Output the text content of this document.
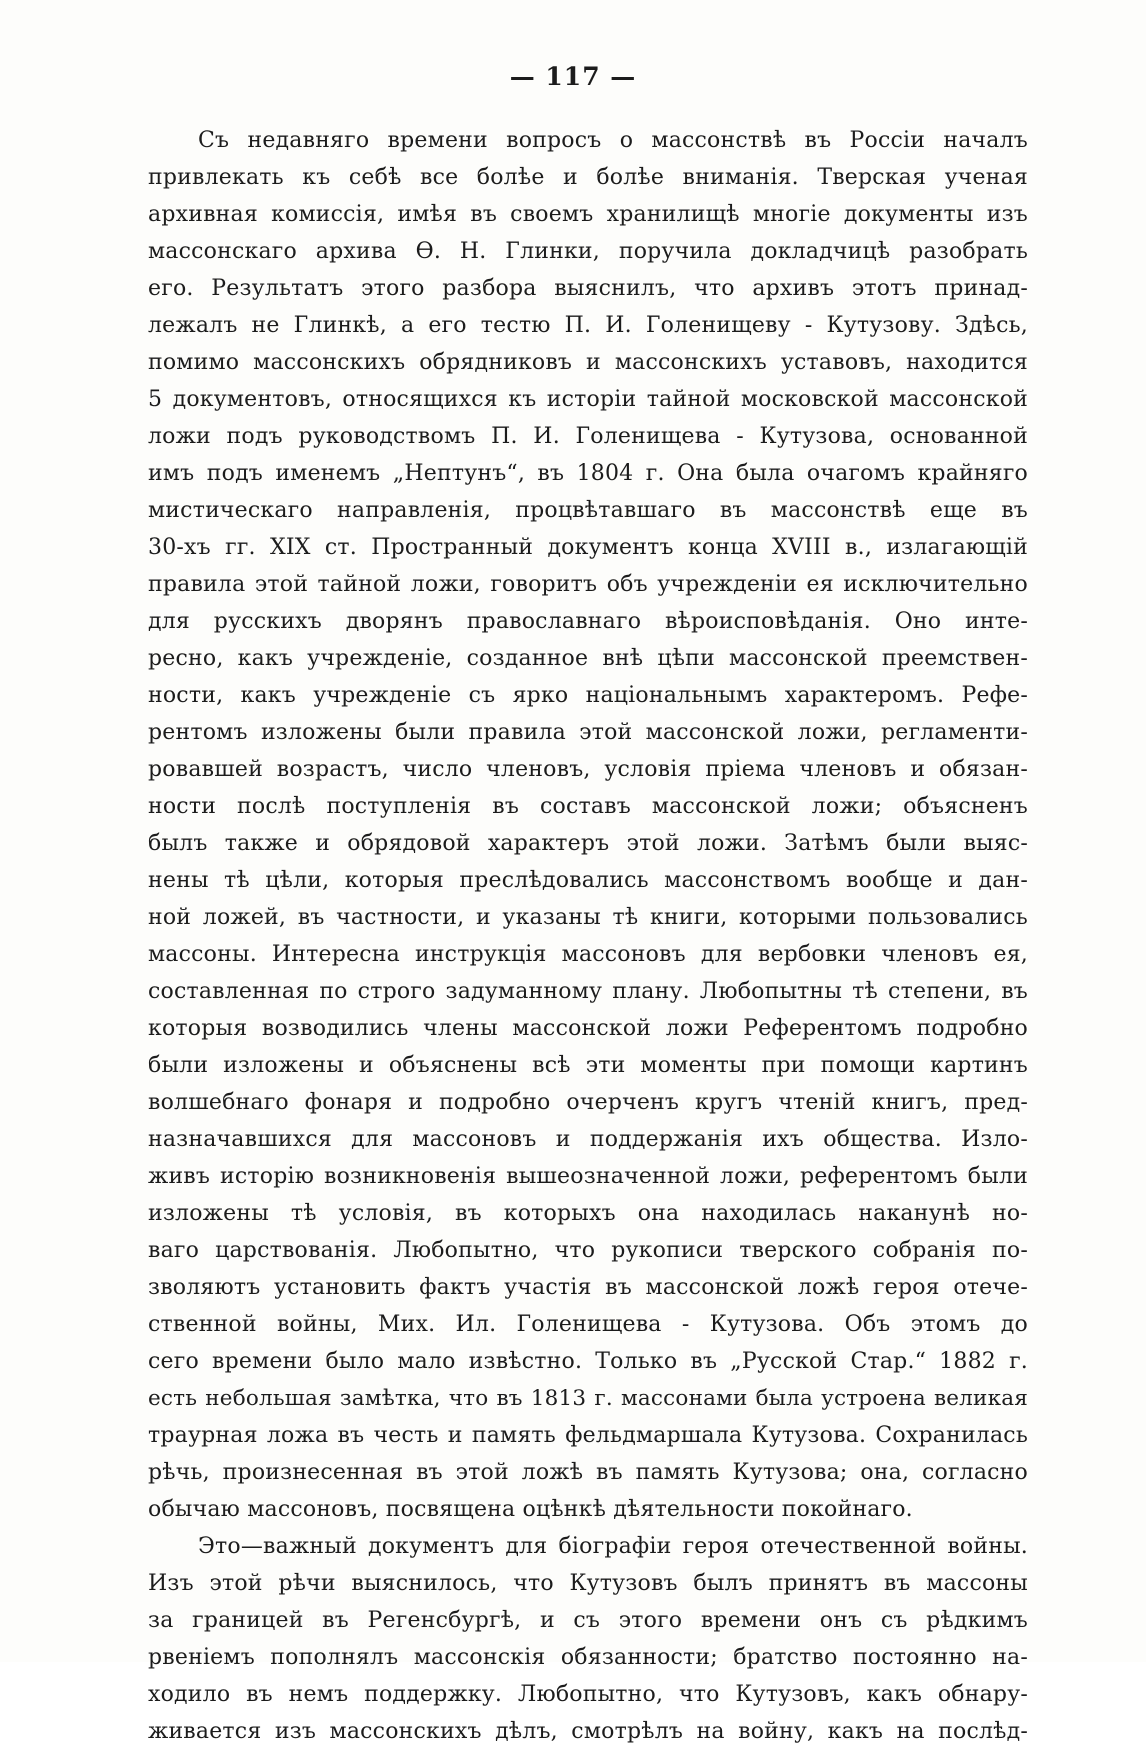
— 117 —
Съ недавняго времени вопросъ о массонствѣ въ Россіи началъ
привлекать къ себѣ все болѣе и болѣе вниманія. Тверская ученая
архивная комиссія, имѣя въ своемъ хранилищѣ многіе документы изъ
массонскаго архива Ѳ. Н. Глинки, поручила докладчицѣ разобрать
его. Результатъ этого разбора выяснилъ, что архивъ этотъ принад-
лежалъ не Глинкѣ, а его тестю П. И. Голенищеву - Кутузову. Здѣсь,
помимо массонскихъ обрядниковъ и массонскихъ уставовъ, находится
5 документовъ, относящихся къ исторіи тайной московской массонской
ложи подъ руководствомъ П. И. Голенищева - Кутузова, основанной
имъ подъ именемъ „Нептунъ“, въ 1804 г. Она была очагомъ крайняго
мистическаго направленія, процвѣтавшаго въ массонствѣ еще въ
30-хъ гг. XIX ст. Пространный документъ конца XVIII в., излагающій
правила этой тайной ложи, говоритъ объ учрежденіи ея исключительно
для русскихъ дворянъ православнаго вѣроисповѣданія. Оно инте-
ресно, какъ учрежденіе, созданное внѣ цѣпи массонской преемствен-
ности, какъ учрежденіе съ ярко національнымъ характеромъ. Рефе-
рентомъ изложены были правила этой массонской ложи, регламенти-
ровавшей возрастъ, число членовъ, условія пріема членовъ и обязан-
ности послѣ поступленія въ составъ массонской ложи; объясненъ
былъ также и обрядовой характеръ этой ложи. Затѣмъ были выяс-
нены тѣ цѣли, которыя преслѣдовались массонствомъ вообще и дан-
ной ложей, въ частности, и указаны тѣ книги, которыми пользовались
массоны. Интересна инструкція массоновъ для вербовки членовъ ея,
составленная по строго задуманному плану. Любопытны тѣ степени, въ
которыя возводились члены массонской ложи Референтомъ подробно
были изложены и объяснены всѣ эти моменты при помощи картинъ
волшебнаго фонаря и подробно очерченъ кругъ чтеній книгъ, пред-
назначавшихся для массоновъ и поддержанія ихъ общества. Изло-
живъ исторію возникновенія вышеозначенной ложи, референтомъ были
изложены тѣ условія, въ которыхъ она находилась наканунѣ но-
ваго царствованія. Любопытно, что рукописи тверского собранія по-
зволяютъ установить фактъ участія въ массонской ложѣ героя отече-
ственной войны, Мих. Ил. Голенищева - Кутузова. Объ этомъ до
сего времени было мало извѣстно. Только въ „Русской Стар.“ 1882 г.
есть небольшая замѣтка, что въ 1813 г. массонами была устроена великая
траурная ложа въ честь и память фельдмаршала Кутузова. Сохранилась
рѣчь, произнесенная въ этой ложѣ въ память Кутузова; она, согласно
обычаю массоновъ, посвящена оцѣнкѣ дѣятельности покойнаго.
Это—важный документъ для біографіи героя отечественной войны.
Изъ этой рѣчи выяснилось, что Кутузовъ былъ принятъ въ массоны
за границей въ Регенсбургѣ, и съ этого времени онъ съ рѣдкимъ
рвеніемъ пополнялъ массонскія обязанности; братство постоянно на-
ходило въ немъ поддержку. Любопытно, что Кутузовъ, какъ обнару-
живается изъ массонскихъ дѣлъ, смотрѣлъ на войну, какъ на послѣд-
